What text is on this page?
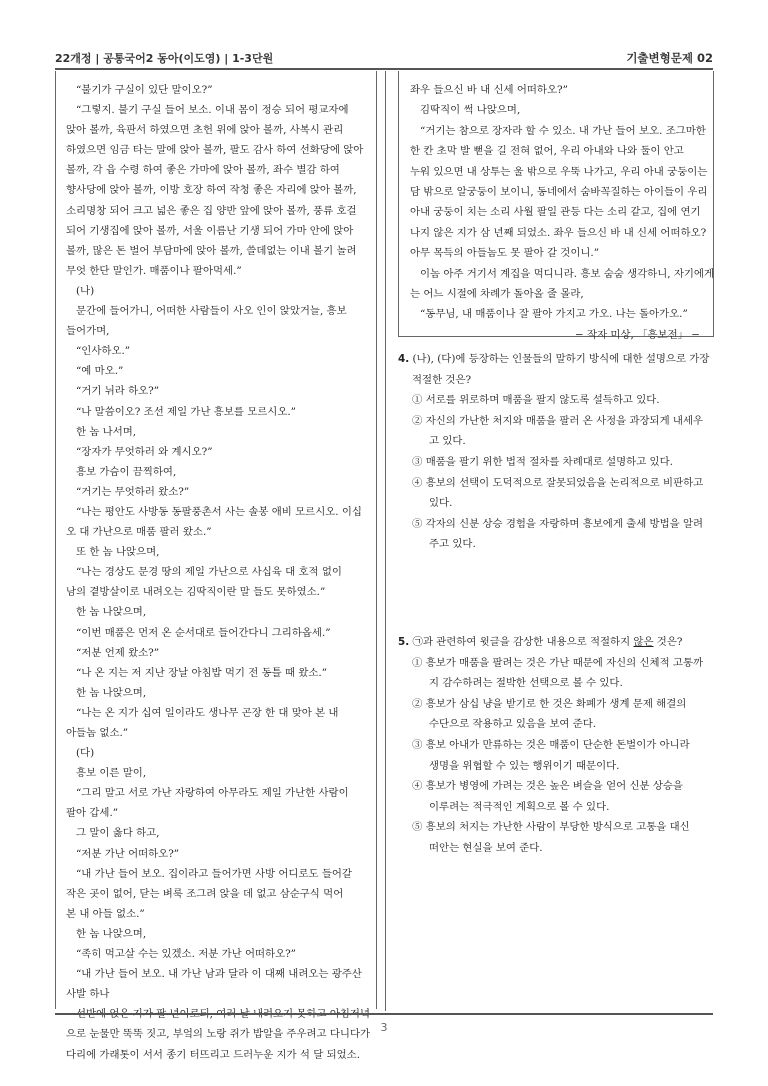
22개정 | 공통국어2 동아(이도영) | 1-3단원	기출변형문제 02

“불기가 구실이 있단 말이오?”

“그렇지. 불기 구실 들어 보소. 이내 몸이 정승 되어 평교자에

앉아 볼까, 육판서 하였으면 초헌 위에 앉아 볼까, 사복시 관리

하였으면 임금 타는 말에 앉아 볼까, 팔도 감사 하여 선화당에 앉아

볼까, 각 읍 수령 하여 좋은 가마에 앉아 볼까, 좌수 별감 하여

향사당에 앉아 볼까, 이방 호장 하여 작청 좋은 자리에 앉아 볼까,

소리명창 되어 크고 넓은 좋은 집 양반 앞에 앉아 볼까, 풍류 호걸

되어 기생집에 앉아 볼까, 서울 이름난 기생 되어 가마 안에 앉아

볼까, 많은 돈 벌어 부담마에 앉아 볼까, 쓸데없는 이내 볼기 놀려

무엇 한단 말인가. 매품이나 팔아먹세.”

(나)

문간에 들어가니, 어떠한 사람들이 사오 인이 앉았거늘, 흥보

들어가며,

“인사하오.”

“예 마오.”

“거기 뉘라 하오?”

“나 말씀이오? 조선 제일 가난 흥보를 모르시오.”

한 놈 나서며,

“장자가 무엇하러 와 계시오?”

흥보 가슴이 끔찍하여,

“거기는 무엇하러 왔소?”

“나는 평안도 사방동 동팔풍촌서 사는 솔봉 애비 모르시오. 이십

오 대 가난으로 매품 팔러 왔소.”

또 한 놈 나앉으며,

“나는 경상도 문경 땅의 제일 가난으로 사십육 대 호적 없이

남의 곁방살이로 내려오는 김딱직이란 말 들도 못하였소.”

한 놈 나앉으며,

“이번 매품은 먼저 온 순서대로 들어간다니 그리하옵세.”

“저분 언제 왔소?”

“나 온 지는 저 지난 장날 아침밥 먹기 전 동틀 때 왔소.”

한 놈 나앉으며,

“나는 온 지가 십여 일이라도 생나무 곤장 한 대 맞아 본 내

아들놈 없소.”

(다)

흥보 이른 말이,

“그리 말고 서로 가난 자랑하여 아무라도 제일 가난한 사람이

팔아 갑세.”

그 말이 옳다 하고,

“저분 가난 어떠하오?”

“내 가난 들어 보오. 집이라고 들어가면 사방 어디로도 들어갈

작은 곳이 없어, 닫는 벼룩 조그려 앉을 데 없고 삼순구식 먹어

본 내 아들 없소.”

한 놈 나앉으며,

“족히 먹고살 수는 있겠소. 저분 가난 어떠하오?”

“내 가난 들어 보오. 내 가난 남과 달라 이 대째 내려오는 광주산

사발 하나

선반에 얹은 지가 팔 년이로되, 여러 날 내려오지 못하고 아침저녁

으로 눈물만 뚝뚝 짓고, 부엌의 노랑 쥐가 밥알을 주우려고 다니다가

다리에 가래톳이 서서 종기 터뜨리고 드러누운 지가 석 달 되었소.

좌우 들으신 바 내 신세 어떠하오?”

김딱직이 썩 나앉으며,

“거기는 참으로 장자라 할 수 있소. 내 가난 들어 보오. 조그마한

한 칸 초막 발 뻗을 길 전혀 없어, 우리 아내와 나와 둘이 안고

누워 있으면 내 상투는 울 밖으로 우뚝 나가고, 우리 아내 궁둥이는

담 밖으로 알궁둥이 보이니, 동네에서 숨바꼭질하는 아이들이 우리

아내 궁둥이 치는 소리 사월 팔일 관등 다는 소리 같고, 집에 연기

나지 않은 지가 삼 년째 되었소. 좌우 들으신 바 내 신세 어떠하오?

아무 목득의 아들놈도 못 팔아 갈 것이니.”

이놈 아주 거기서 계집을 먹디니라. 흥보 숨숨 생각하니, 자기에게

는 어느 시절에 차례가 돌아올 줄 몰라,

“동무님, 내 매품이나 잘 팔아 가지고 가오. 나는 돌아가오.”

− 작자 미상, 「흥보전」 −

4. (나), (다)에 등장하는 인물들의 말하기 방식에 대한 설명으로 가장

적절한 것은?

① 서로를 위로하며 매품을 팔지 않도록 설득하고 있다.

② 자신의 가난한 처지와 매품을 팔러 온 사정을 과장되게 내세우

고 있다.

③ 매품을 팔기 위한 법적 절차를 차례대로 설명하고 있다.

④ 흥보의 선택이 도덕적으로 잘못되었음을 논리적으로 비판하고

있다.

⑤ 각자의 신분 상승 경험을 자랑하며 흥보에게 출세 방법을 알려

주고 있다.

5. ㉠과 관련하여 윗글을 감상한 내용으로 적절하지 않은 것은?

① 흥보가 매품을 팔려는 것은 가난 때문에 자신의 신체적 고통까

지 감수하려는 절박한 선택으로 볼 수 있다.

② 흥보가 삼십 냥을 받기로 한 것은 화폐가 생계 문제 해결의

수단으로 작용하고 있음을 보여 준다.

③ 흥보 아내가 만류하는 것은 매품이 단순한 돈벌이가 아니라

생명을 위협할 수 있는 행위이기 때문이다.

④ 흥보가 병영에 가려는 것은 높은 벼슬을 얻어 신분 상승을

이루려는 적극적인 계획으로 볼 수 있다.

⑤ 흥보의 처지는 가난한 사람이 부당한 방식으로 고통을 대신

떠안는 현실을 보여 준다.

3
